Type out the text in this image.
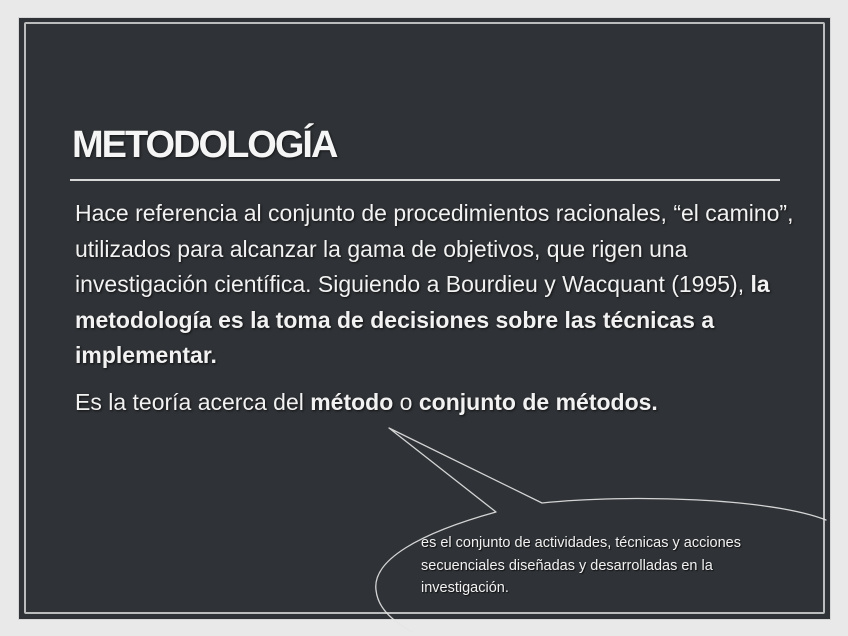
METODOLOGÍA

Hace referencia al conjunto de procedimientos racionales, “el camino”, utilizados para alcanzar la gama de objetivos, que rigen una investigación científica. Siguiendo a Bourdieu y Wacquant (1995), la metodología es la toma de decisiones sobre las técnicas a implementar.

Es la teoría acerca del método o conjunto de métodos.

es el conjunto de actividades, técnicas y acciones secuenciales diseñadas y desarrolladas en la investigación.
